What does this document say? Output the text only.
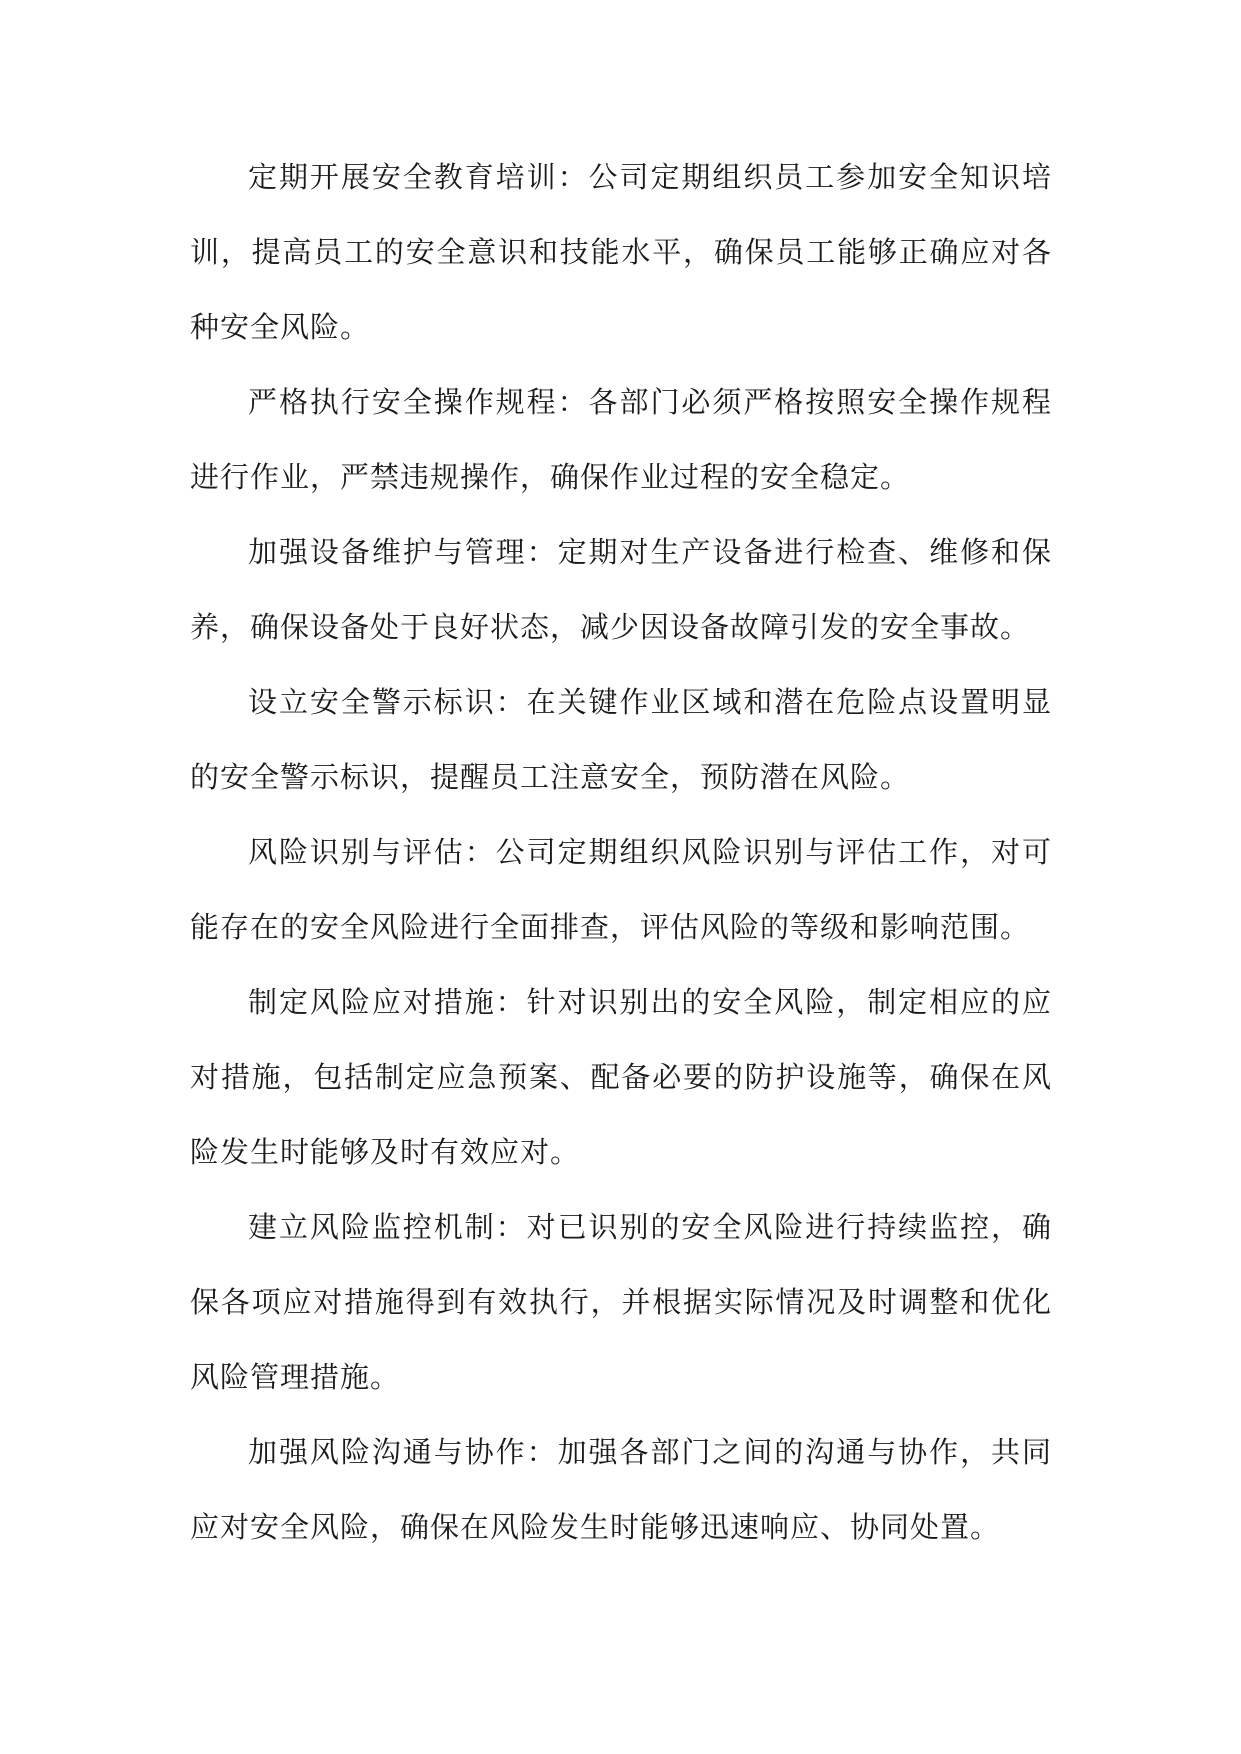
定期开展安全教育培训：公司定期组织员工参加安全知识培训，提高员工的安全意识和技能水平，确保员工能够正确应对各种安全风险。

严格执行安全操作规程：各部门必须严格按照安全操作规程进行作业，严禁违规操作，确保作业过程的安全稳定。

加强设备维护与管理：定期对生产设备进行检查、维修和保养，确保设备处于良好状态，减少因设备故障引发的安全事故。

设立安全警示标识：在关键作业区域和潜在危险点设置明显的安全警示标识，提醒员工注意安全，预防潜在风险。

风险识别与评估：公司定期组织风险识别与评估工作，对可能存在的安全风险进行全面排查，评估风险的等级和影响范围。

制定风险应对措施：针对识别出的安全风险，制定相应的应对措施，包括制定应急预案、配备必要的防护设施等，确保在风险发生时能够及时有效应对。

建立风险监控机制：对已识别的安全风险进行持续监控，确保各项应对措施得到有效执行，并根据实际情况及时调整和优化风险管理措施。

加强风险沟通与协作：加强各部门之间的沟通与协作，共同应对安全风险，确保在风险发生时能够迅速响应、协同处置。
